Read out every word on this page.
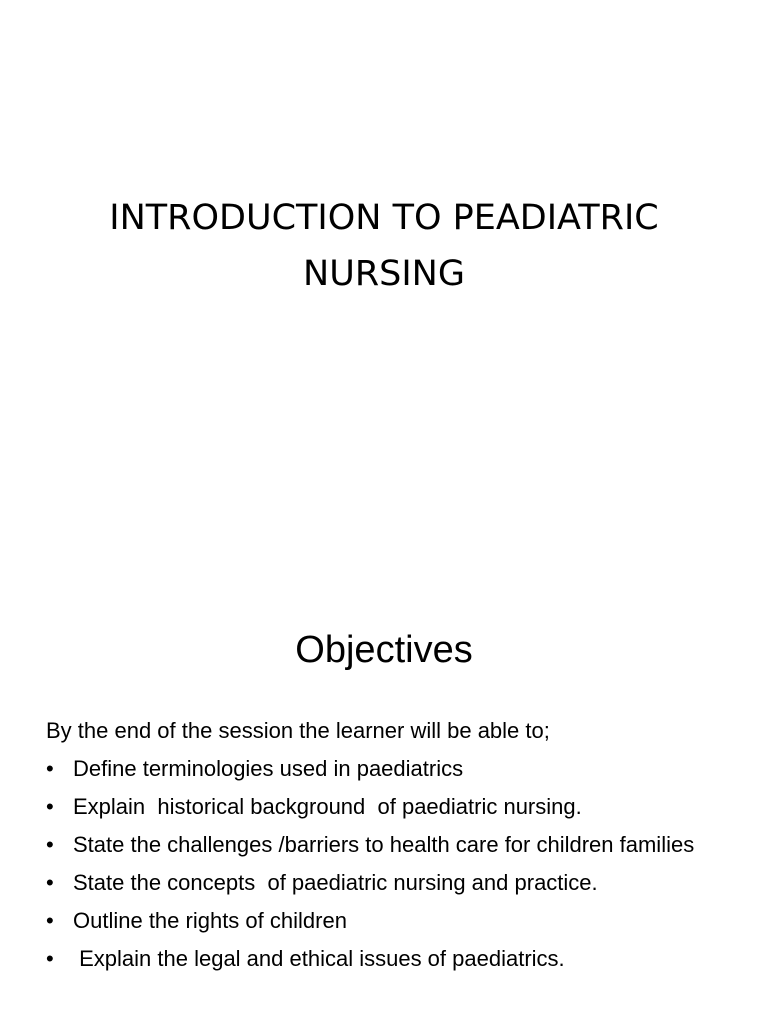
INTRODUCTION TO PEADIATRIC
NURSING
Objectives

By the end of the session the learner will be able to;

• Define terminologies used in paediatrics
• Explain  historical background  of paediatric nursing.
• State the challenges /barriers to health care for children families
• State the concepts  of paediatric nursing and practice.
• Outline the rights of children
• Explain the legal and ethical issues of paediatrics.
